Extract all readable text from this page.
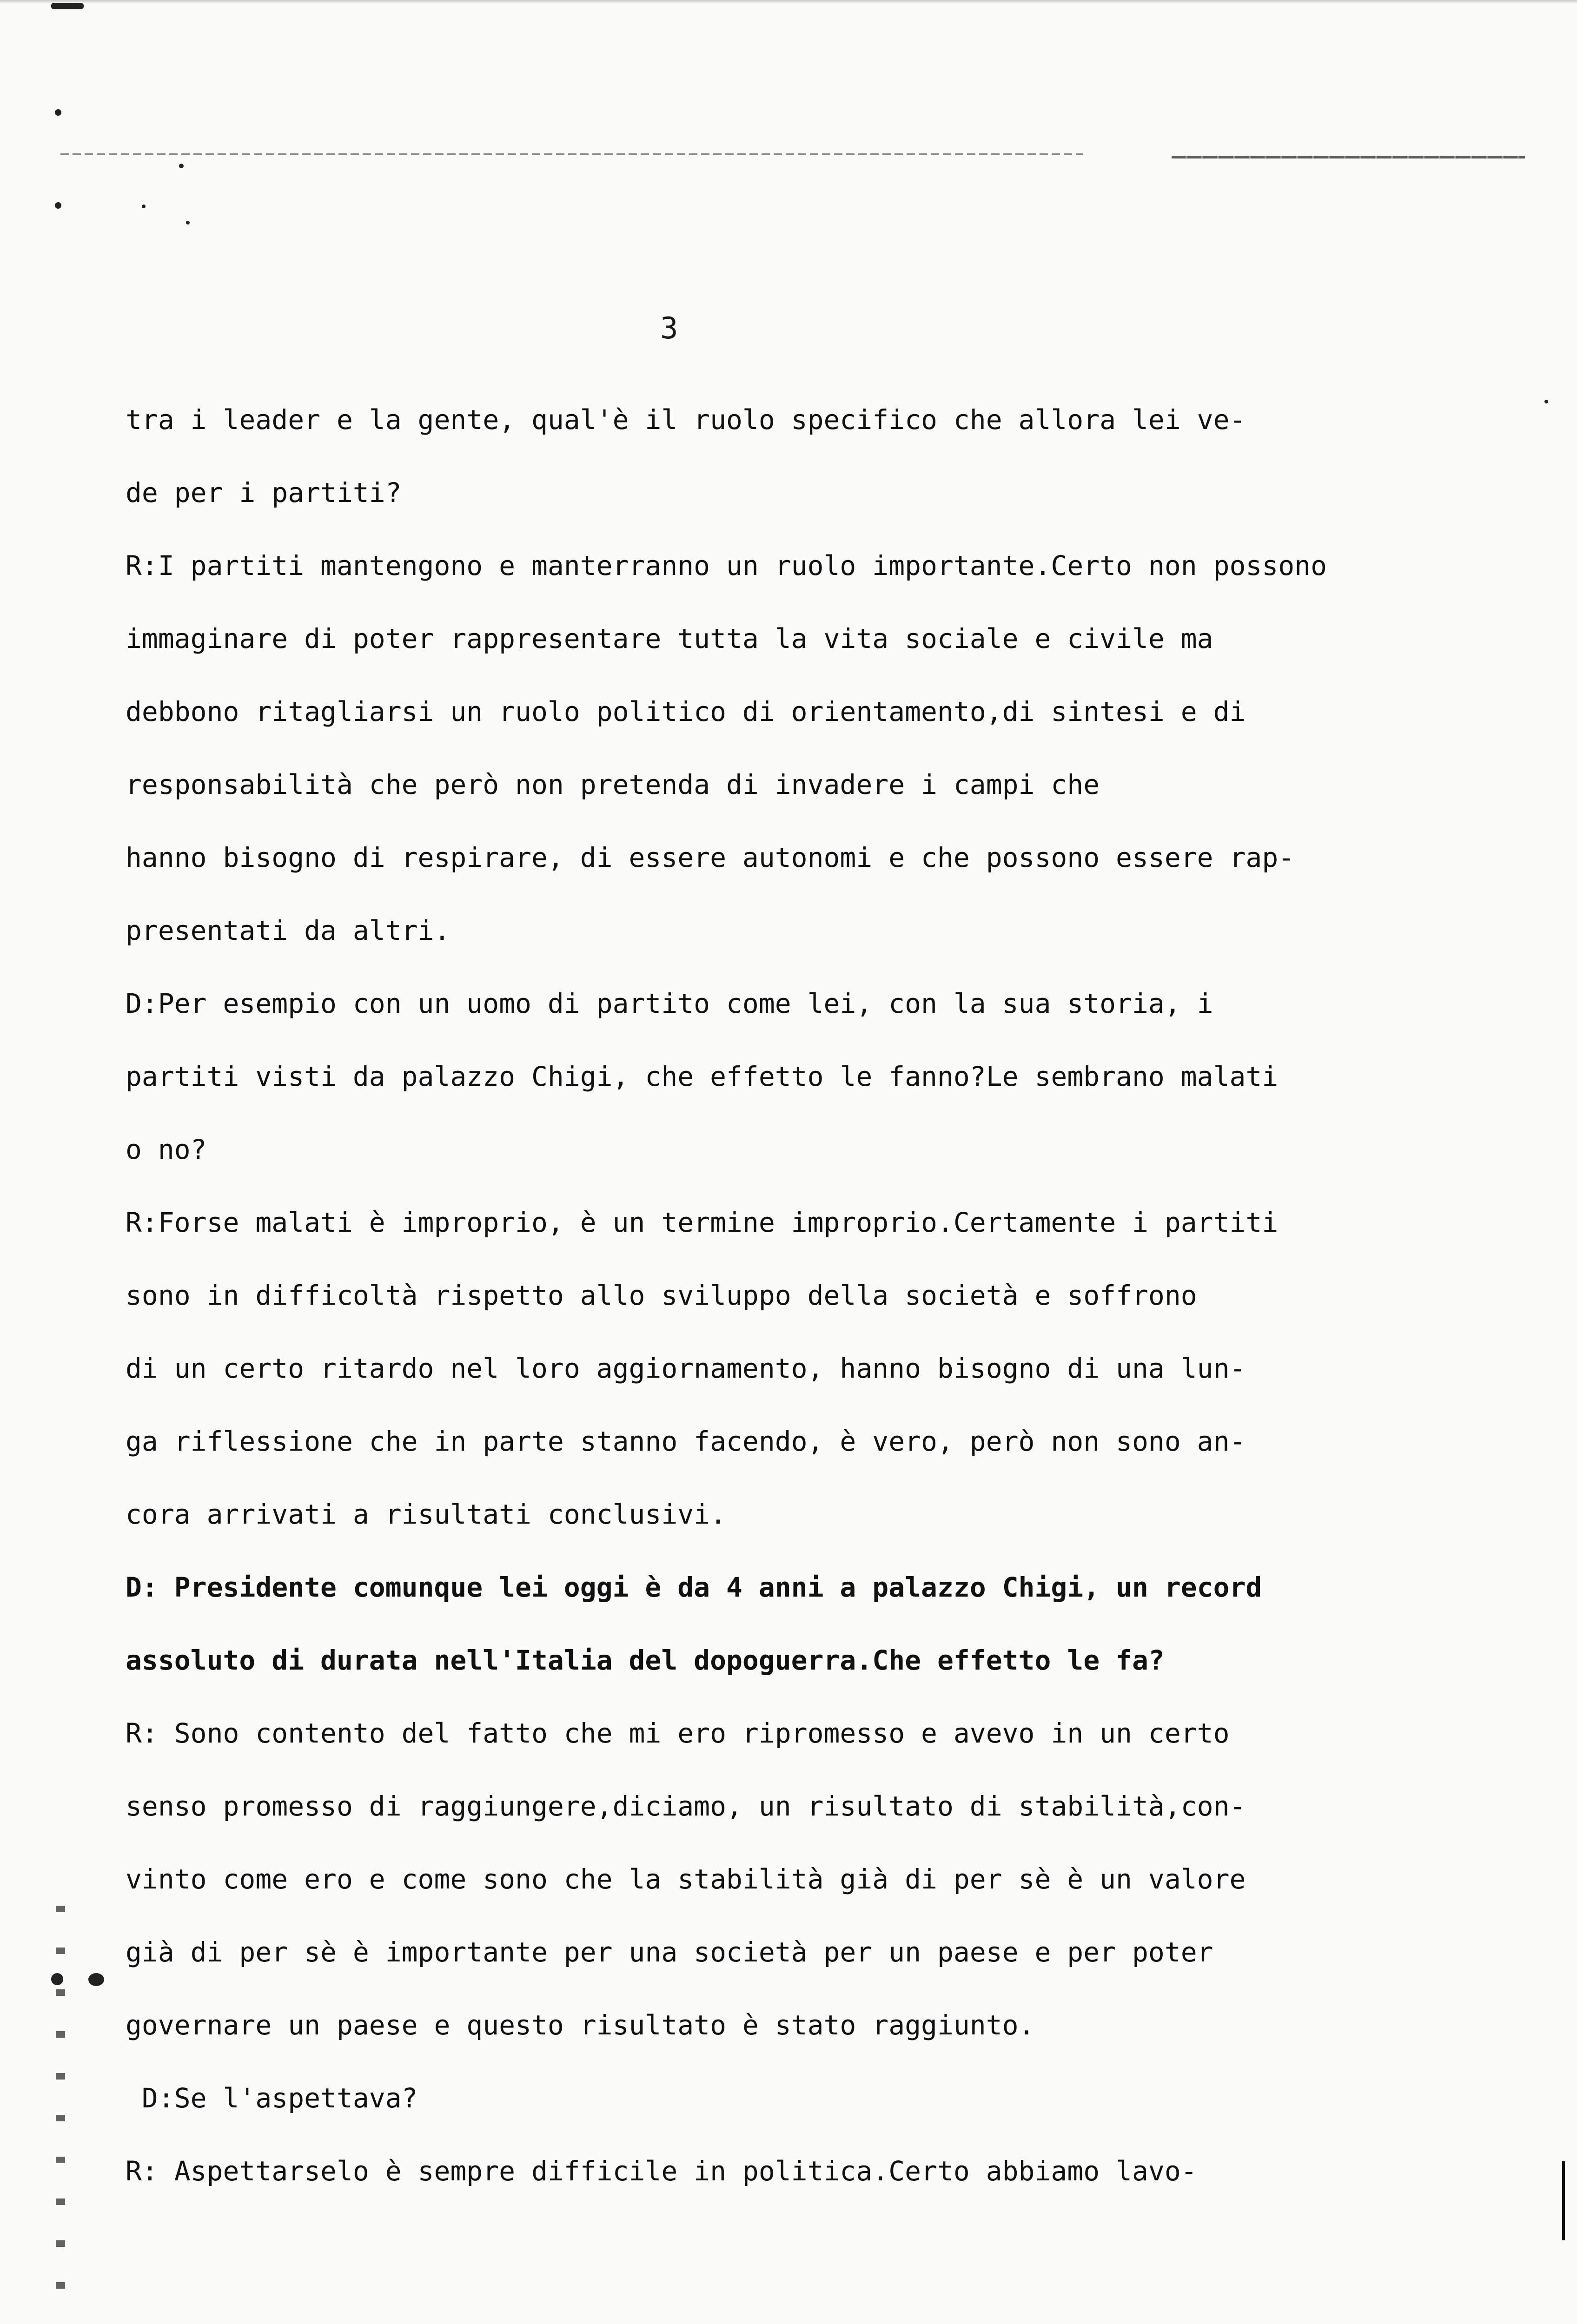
3
tra i leader e la gente, qual'è il ruolo specifico che allora lei ve-
de per i partiti?
R:I partiti mantengono e manterranno un ruolo importante.Certo non possono
immaginare di poter rappresentare tutta la vita sociale e civile ma
debbono ritagliarsi un ruolo politico di orientamento,di sintesi e di
responsabilità che però non pretenda di invadere i campi che
hanno bisogno di respirare, di essere autonomi e che possono essere rap-
presentati da altri.
D:Per esempio con un uomo di partito come lei, con la sua storia, i
partiti visti da palazzo Chigi, che effetto le fanno?Le sembrano malati
o no?
R:Forse malati è improprio, è un termine improprio.Certamente i partiti
sono in difficoltà rispetto allo sviluppo della società e soffrono
di un certo ritardo nel loro aggiornamento, hanno bisogno di una lun-
ga riflessione che in parte stanno facendo, è vero, però non sono an-
cora arrivati a risultati conclusivi.
D: Presidente comunque lei oggi è da 4 anni a palazzo Chigi, un record
assoluto di durata nell'Italia del dopoguerra.Che effetto le fa?
R: Sono contento del fatto che mi ero ripromesso e avevo in un certo
senso promesso di raggiungere,diciamo, un risultato di stabilità,con-
vinto come ero e come sono che la stabilità già di per sè è un valore
già di per sè è importante per una società per un paese e per poter
governare un paese e questo risultato è stato raggiunto.
D:Se l'aspettava?
R: Aspettarselo è sempre difficile in politica.Certo abbiamo lavo-
